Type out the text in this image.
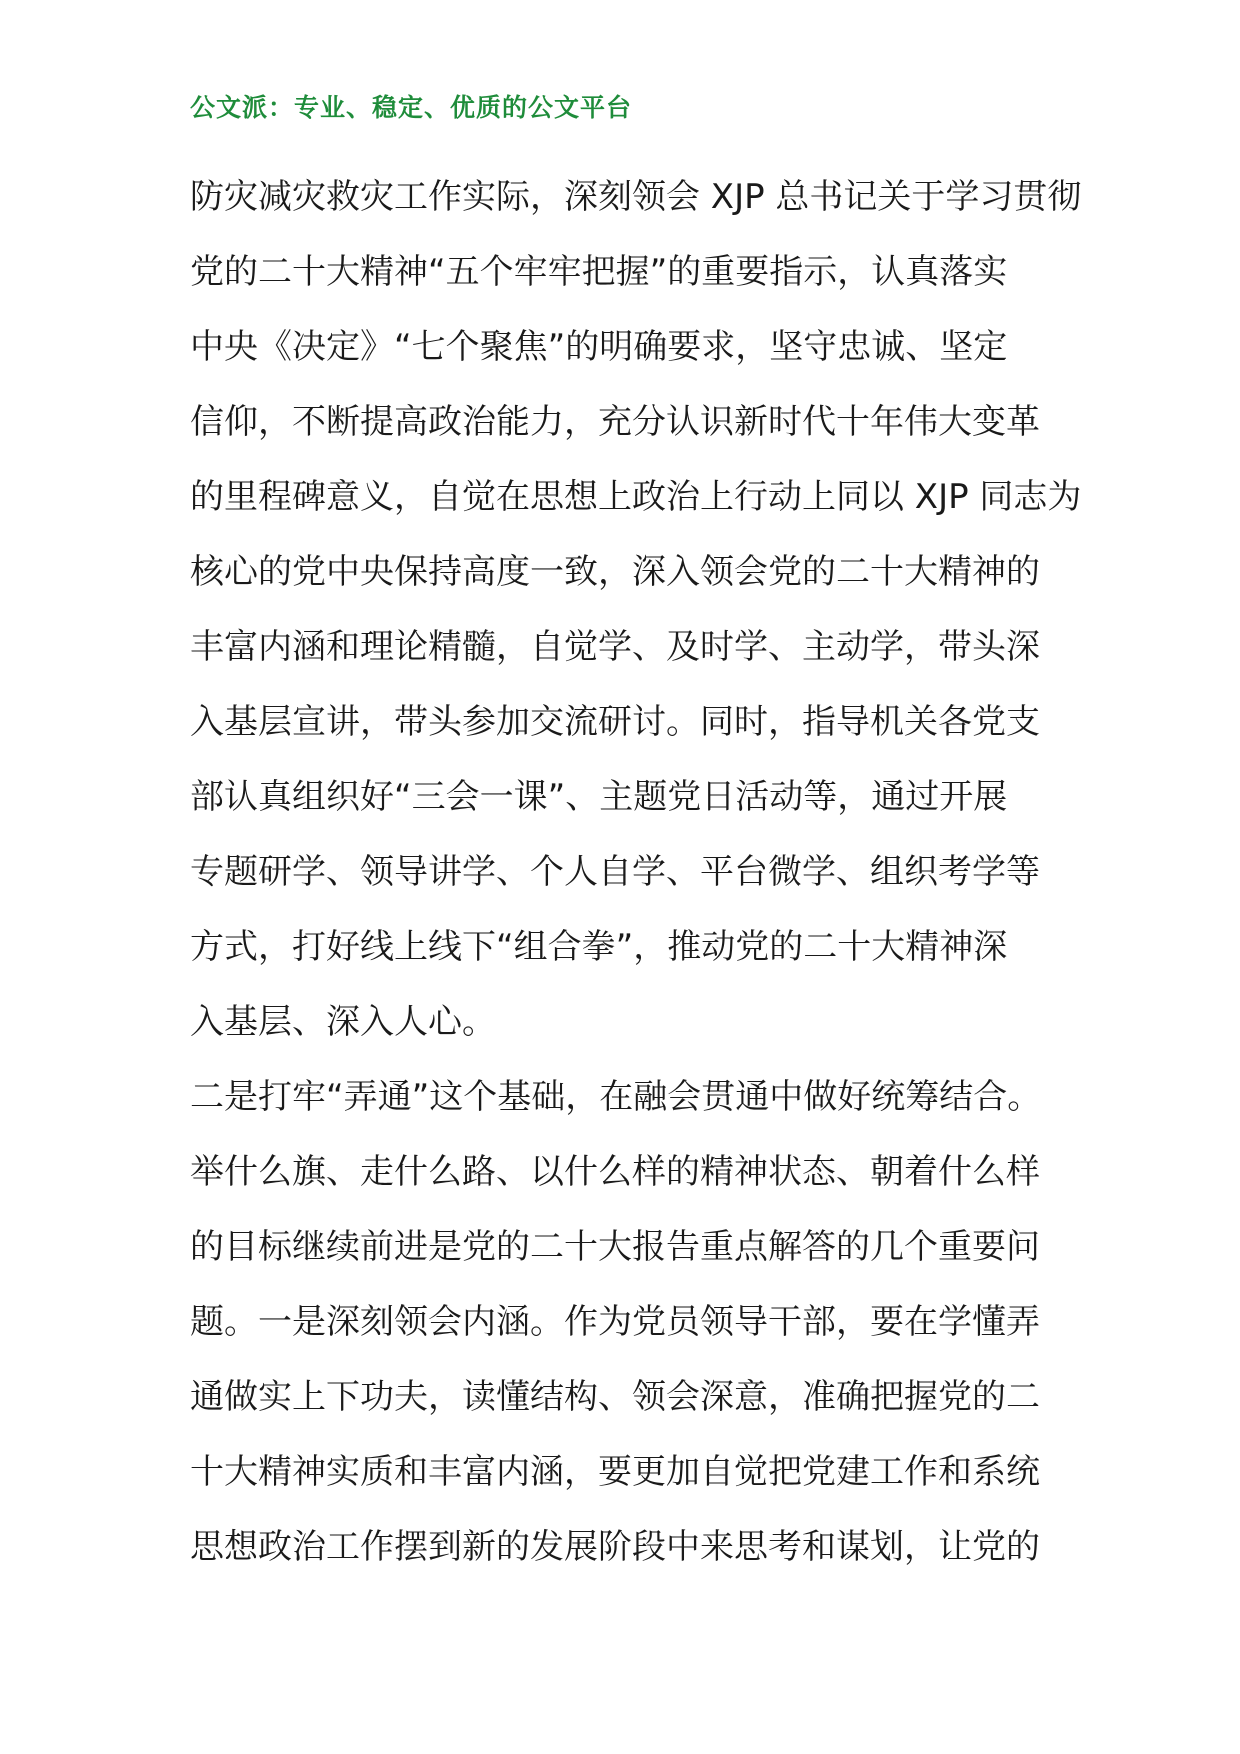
公文派：专业、稳定、优质的公文平台
防灾减灾救灾工作实际，深刻领会 XJP 总书记关于学习贯彻
党的二十大精神“五个牢牢把握”的重要指示，认真落实
中央《决定》“七个聚焦”的明确要求，坚守忠诚、坚定
信仰，不断提高政治能力，充分认识新时代十年伟大变革
的里程碑意义，自觉在思想上政治上行动上同以 XJP 同志为
核心的党中央保持高度一致，深入领会党的二十大精神的
丰富内涵和理论精髓，自觉学、及时学、主动学，带头深
入基层宣讲，带头参加交流研讨。同时，指导机关各党支
部认真组织好“三会一课”、主题党日活动等，通过开展
专题研学、领导讲学、个人自学、平台微学、组织考学等
方式，打好线上线下“组合拳”，推动党的二十大精神深
入基层、深入人心。
二是打牢“弄通”这个基础，在融会贯通中做好统筹结合。
举什么旗、走什么路、以什么样的精神状态、朝着什么样
的目标继续前进是党的二十大报告重点解答的几个重要问
题。一是深刻领会内涵。作为党员领导干部，要在学懂弄
通做实上下功夫，读懂结构、领会深意，准确把握党的二
十大精神实质和丰富内涵，要更加自觉把党建工作和系统
思想政治工作摆到新的发展阶段中来思考和谋划，让党的
